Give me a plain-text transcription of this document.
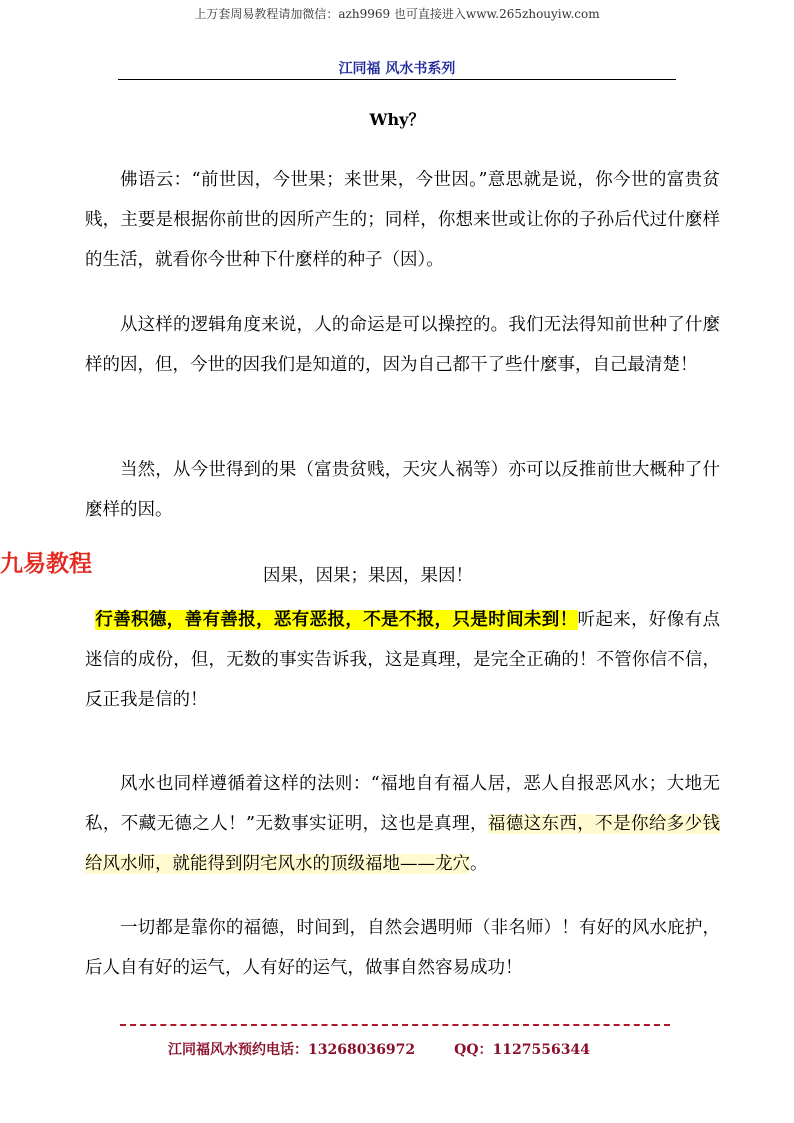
上万套周易教程请加微信：azh9969 也可直接进入www.265zhouyiw.com
江同福 风水书系列
Why？

佛语云：“前世因，今世果；来世果，今世因。”意思就是说，你今世的富贵贫贱，主要是根据你前世的因所产生的；同样，你想来世或让你的子孙后代过什麼样的生活，就看你今世种下什麼样的种子（因）。

从这样的逻辑角度来说，人的命运是可以操控的。我们无法得知前世种了什麼样的因，但，今世的因我们是知道的，因为自己都干了些什麼事，自己最清楚！

当然，从今世得到的果（富贵贫贱，天灾人祸等）亦可以反推前世大概种了什麼样的因。

九易教程	因果，因果；果因，果因！

行善积德，善有善报，恶有恶报，不是不报，只是时间未到！听起来，好像有点迷信的成份，但，无数的事实告诉我，这是真理，是完全正确的！不管你信不信，反正我是信的！

风水也同样遵循着这样的法则：“福地自有福人居，恶人自报恶风水；大地无私，不藏无德之人！”无数事实证明，这也是真理，福德这东西，不是你给多少钱给风水师，就能得到阴宅风水的顶级福地——龙穴。

一切都是靠你的福德，时间到，自然会遇明师（非名师）！有好的风水庇护，后人自有好的运气，人有好的运气，做事自然容易成功！

江同福风水预约电话：13268036972        QQ：1127556344
